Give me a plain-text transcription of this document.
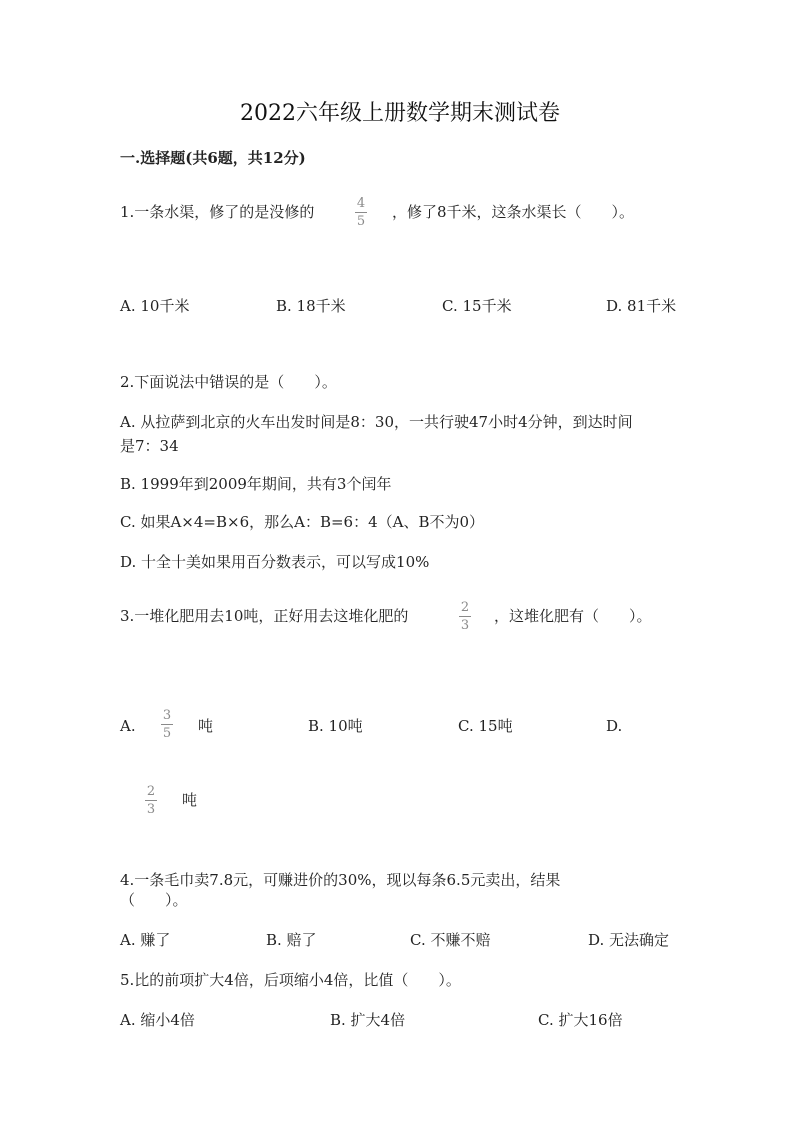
2022六年级上册数学期末测试卷
一.选择题(共6题，共12分)
1.一条水渠，修了的是没修的	4
5
，修了8千米，这条水渠长（　　）。
A. 10千米	B. 18千米	C. 15千米	D. 81千米
2.下面说法中错误的是（　　）。
A. 从拉萨到北京的火车出发时间是8：30，一共行驶47小时4分钟，到达时间
是7：34
B. 1999年到2009年期间，共有3个闰年
C. 如果A×4=B×6，那么A：B=6：4（A、B不为0）
D. 十全十美如果用百分数表示，可以写成10%
3.一堆化肥用去10吨，正好用去这堆化肥的	2
3
，这堆化肥有（　　）。
A.
3
5 吨	B. 10吨	C. 15吨	D.
2
3
吨
4.一条毛巾卖7.8元，可赚进价的30%，现以每条6.5元卖出，结果
（　　）。
A. 赚了	B. 赔了	C. 不赚不赔	D. 无法确定
5.比的前项扩大4倍，后项缩小4倍，比值（　　）。
A. 缩小4倍	B. 扩大4倍	C. 扩大16倍
